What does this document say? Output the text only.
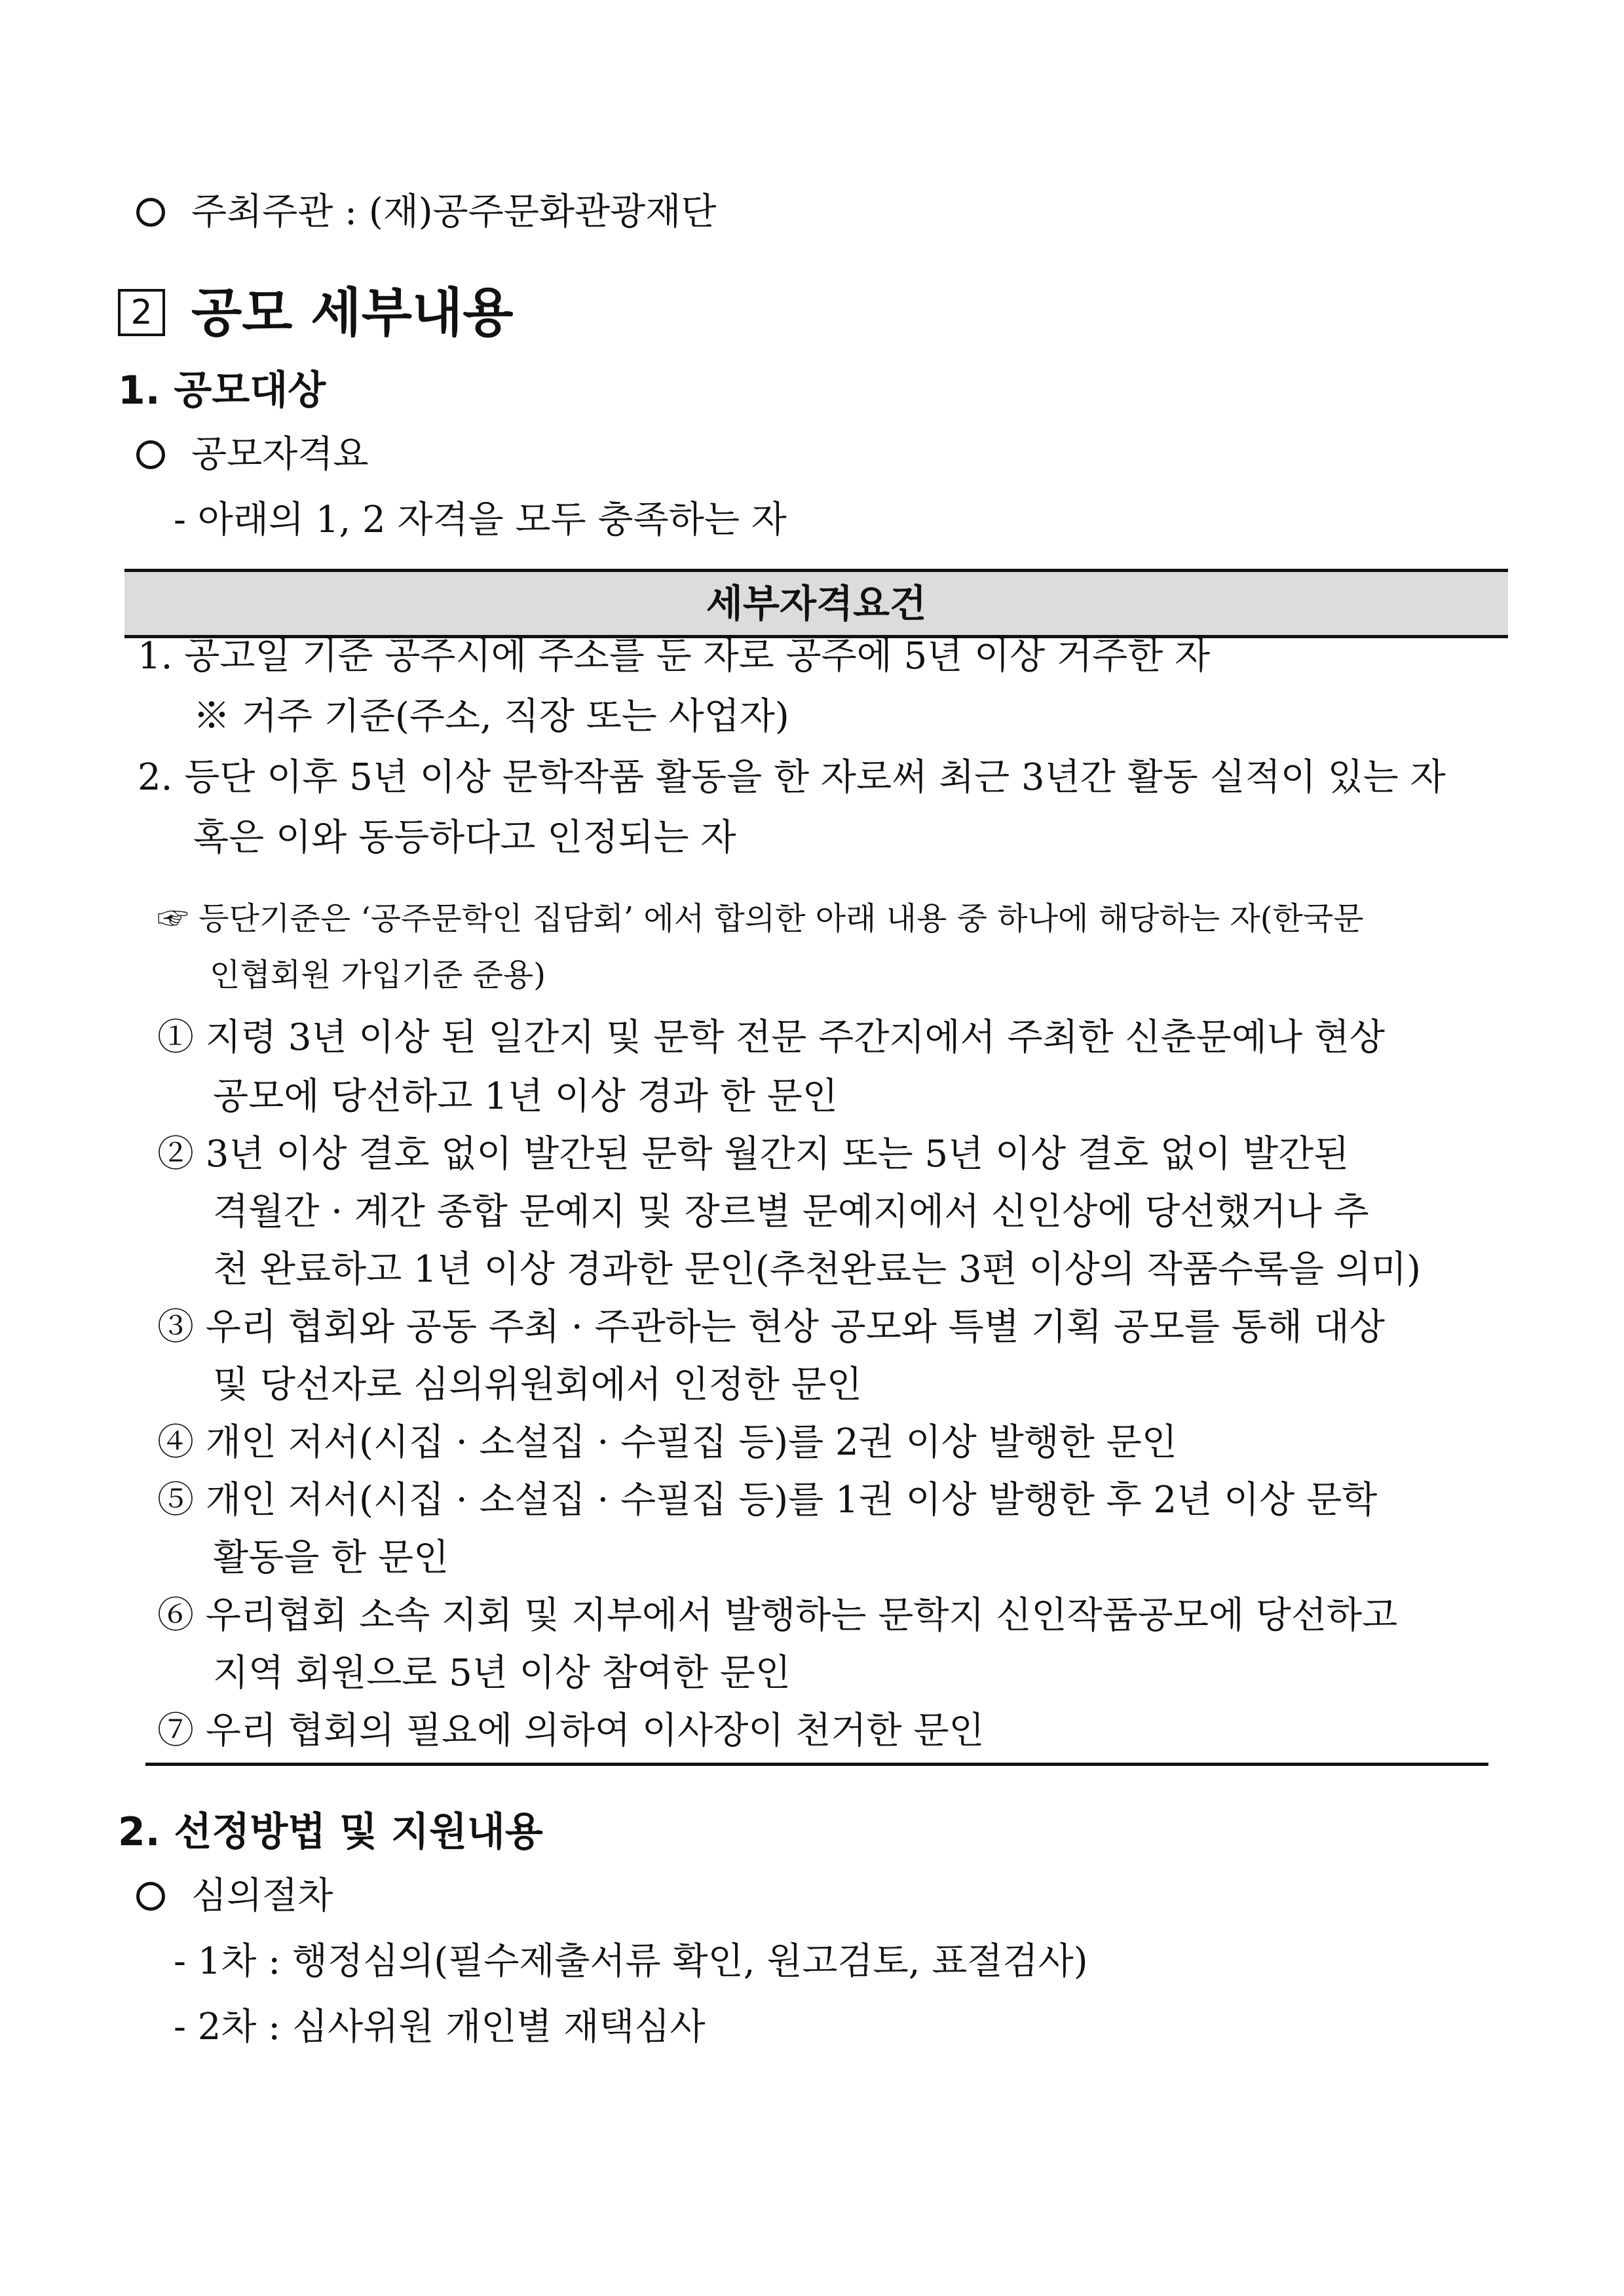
주최주관 : (재)공주문화관광재단
2 공모 세부내용
1. 공모대상
공모자격요
- 아래의 1, 2 자격을 모두 충족하는 자
세부자격요건
1. 공고일 기준 공주시에 주소를 둔 자로 공주에 5년 이상 거주한 자
※ 거주 기준(주소, 직장 또는 사업자)
2. 등단 이후 5년 이상 문학작품 활동을 한 자로써 최근 3년간 활동 실적이 있는 자
혹은 이와 동등하다고 인정되는 자
☞ 등단기준은 ‘공주문학인 집담회’ 에서 합의한 아래 내용 중 하나에 해당하는 자(한국문
인협회원 가입기준 준용)
① 지령 3년 이상 된 일간지 및 문학 전문 주간지에서 주최한 신춘문예나 현상
공모에 당선하고 1년 이상 경과 한 문인
② 3년 이상 결호 없이 발간된 문학 월간지 또는 5년 이상 결호 없이 발간된
격월간 · 계간 종합 문예지 및 장르별 문예지에서 신인상에 당선했거나 추
천 완료하고 1년 이상 경과한 문인(추천완료는 3편 이상의 작품수록을 의미)
③ 우리 협회와 공동 주최 · 주관하는 현상 공모와 특별 기획 공모를 통해 대상
및 당선자로 심의위원회에서 인정한 문인
④ 개인 저서(시집 · 소설집 · 수필집 등)를 2권 이상 발행한 문인
⑤ 개인 저서(시집 · 소설집 · 수필집 등)를 1권 이상 발행한 후 2년 이상 문학
활동을 한 문인
⑥ 우리협회 소속 지회 및 지부에서 발행하는 문학지 신인작품공모에 당선하고
지역 회원으로 5년 이상 참여한 문인
⑦ 우리 협회의 필요에 의하여 이사장이 천거한 문인
2. 선정방법 및 지원내용
심의절차
- 1차 : 행정심의(필수제출서류 확인, 원고검토, 표절검사)
- 2차 : 심사위원 개인별 재택심사
